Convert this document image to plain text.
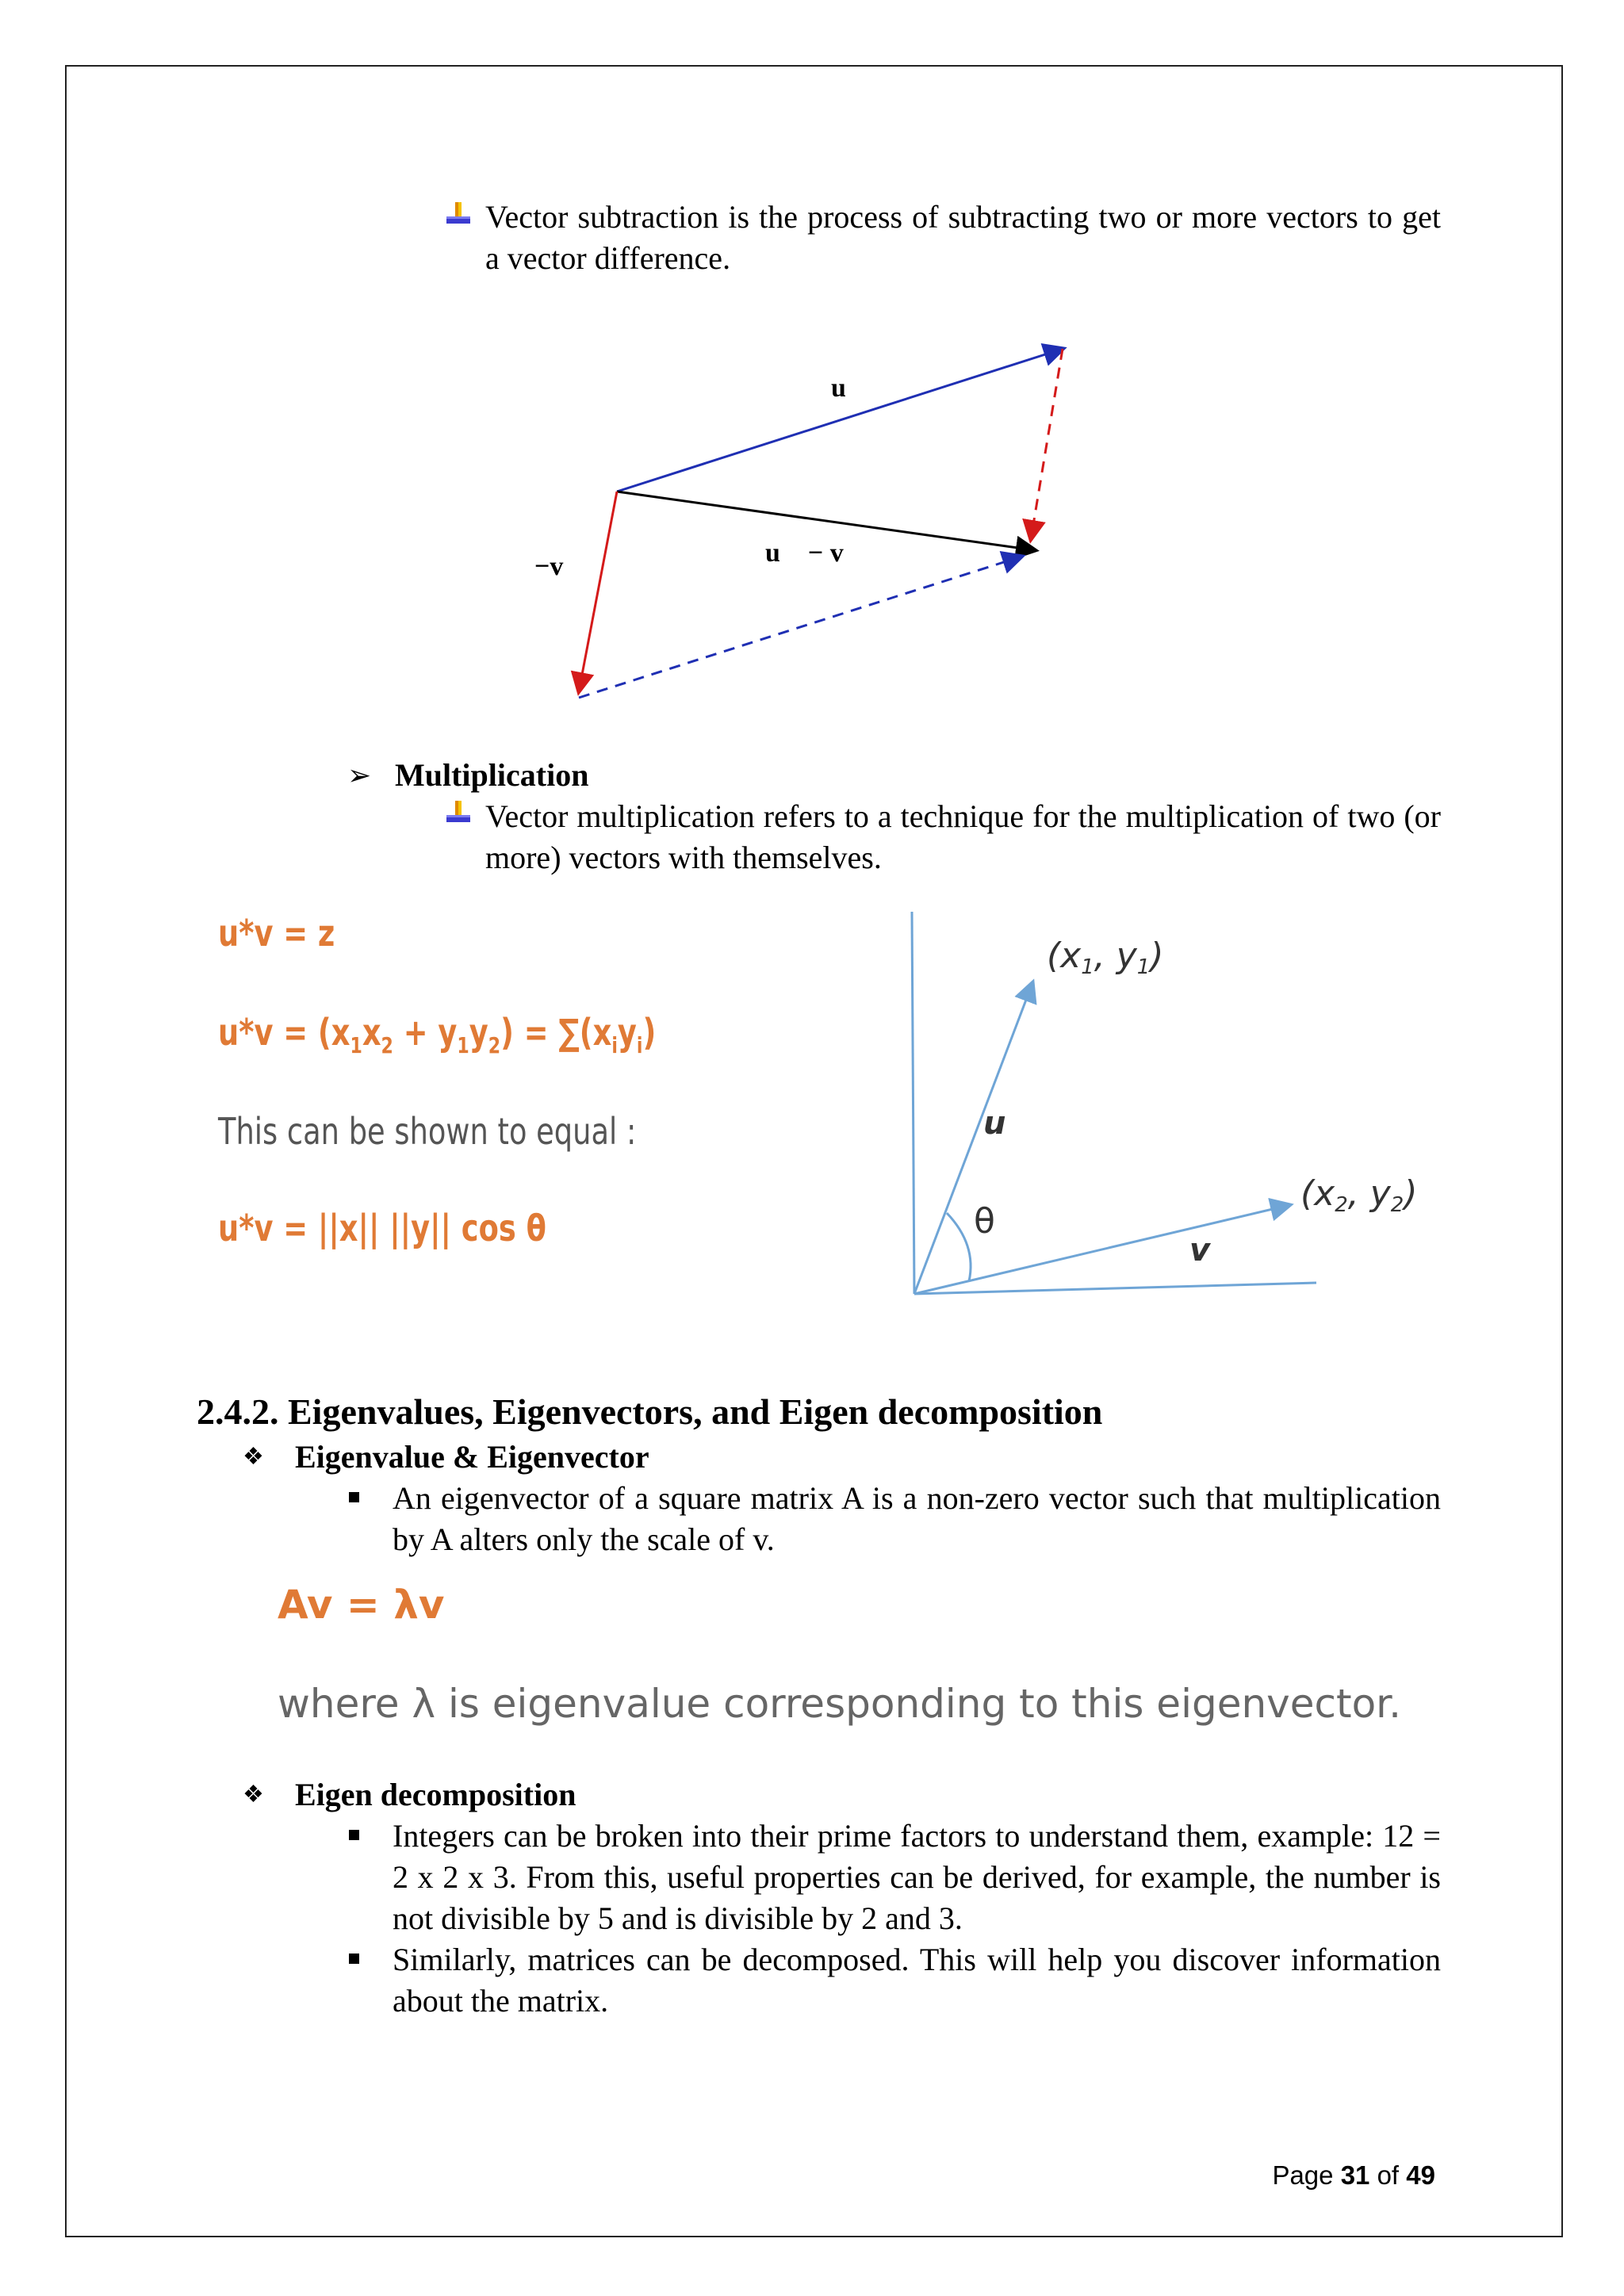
Vector subtraction is the process of subtracting two or more vectors to get a vector difference.
u⃗
u⃗ − v⃗
−v⃗
➢ Multiplication
Vector multiplication refers to a technique for the multiplication of two (or more) vectors with themselves.
u*v = z
$u*v = (x_1x_2 + y_1y_2) = \sum(x_iy_i)$
This can be shown to equal :
u*v = ||x|| ||y|| cos θ
(x1, y1)
(x2, y2)
u
v
θ
2.4.2. Eigenvalues, Eigenvectors, and Eigen decomposition
❖ Eigenvalue & Eigenvector
An eigenvector of a square matrix A is a non-zero vector such that multiplication by A alters only the scale of v.
Av = λv
where λ is eigenvalue corresponding to this eigenvector.
❖ Eigen decomposition
Integers can be broken into their prime factors to understand them, example: 12 = 2 x 2 x 3. From this, useful properties can be derived, for example, the number is not divisible by 5 and is divisible by 2 and 3.
Similarly, matrices can be decomposed. This will help you discover information about the matrix.
Page 31 of 49
